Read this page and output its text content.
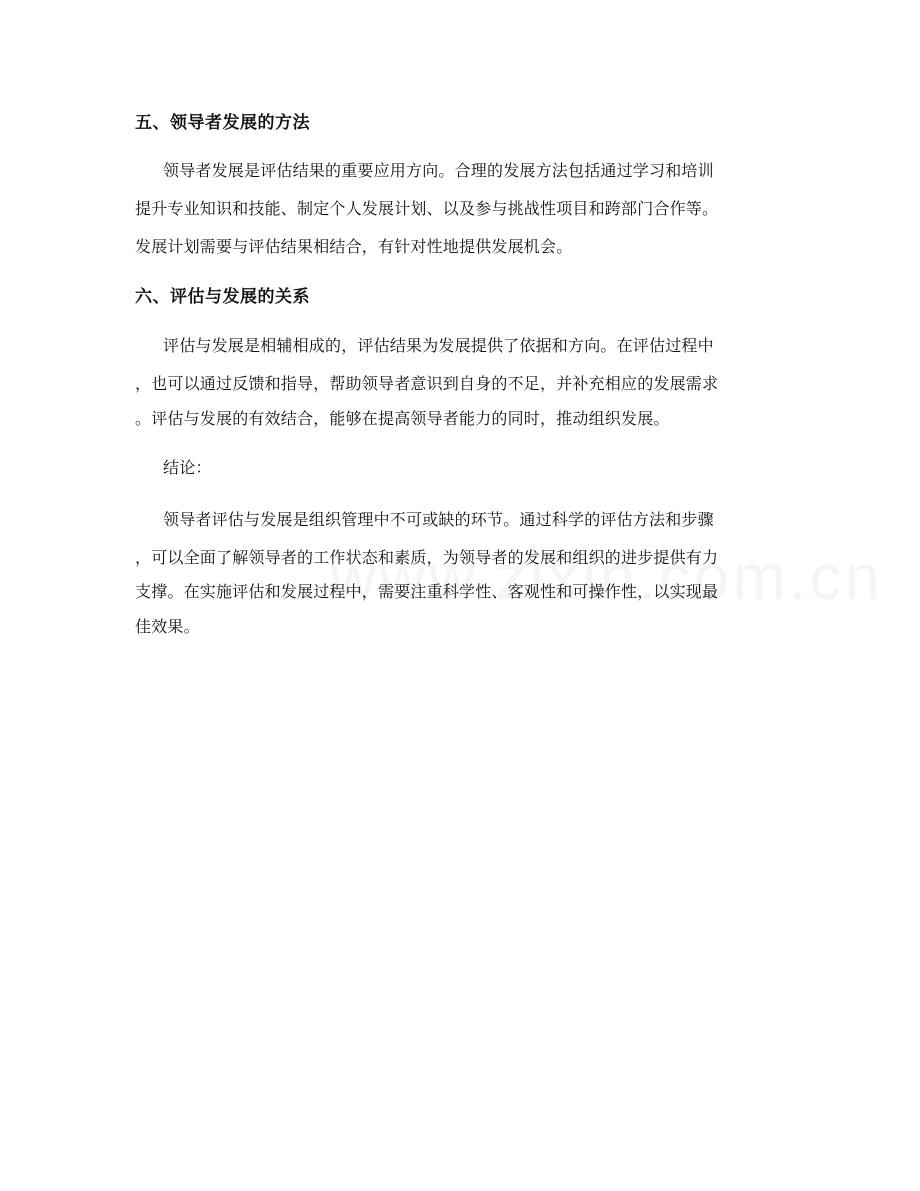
五、领导者发展的方法
领导者发展是评估结果的重要应用方向。合理的发展方法包括通过学习和培训
提升专业知识和技能、制定个人发展计划、以及参与挑战性项目和跨部门合作等。
发展计划需要与评估结果相结合，有针对性地提供发展机会。
六、评估与发展的关系
评估与发展是相辅相成的，评估结果为发展提供了依据和方向。在评估过程中
，也可以通过反馈和指导，帮助领导者意识到自身的不足，并补充相应的发展需求
。评估与发展的有效结合，能够在提高领导者能力的同时，推动组织发展。
结论：
领导者评估与发展是组织管理中不可或缺的环节。通过科学的评估方法和步骤
，可以全面了解领导者的工作状态和素质，为领导者的发展和组织的进步提供有力
支撑。在实施评估和发展过程中，需要注重科学性、客观性和可操作性，以实现最
佳效果。
